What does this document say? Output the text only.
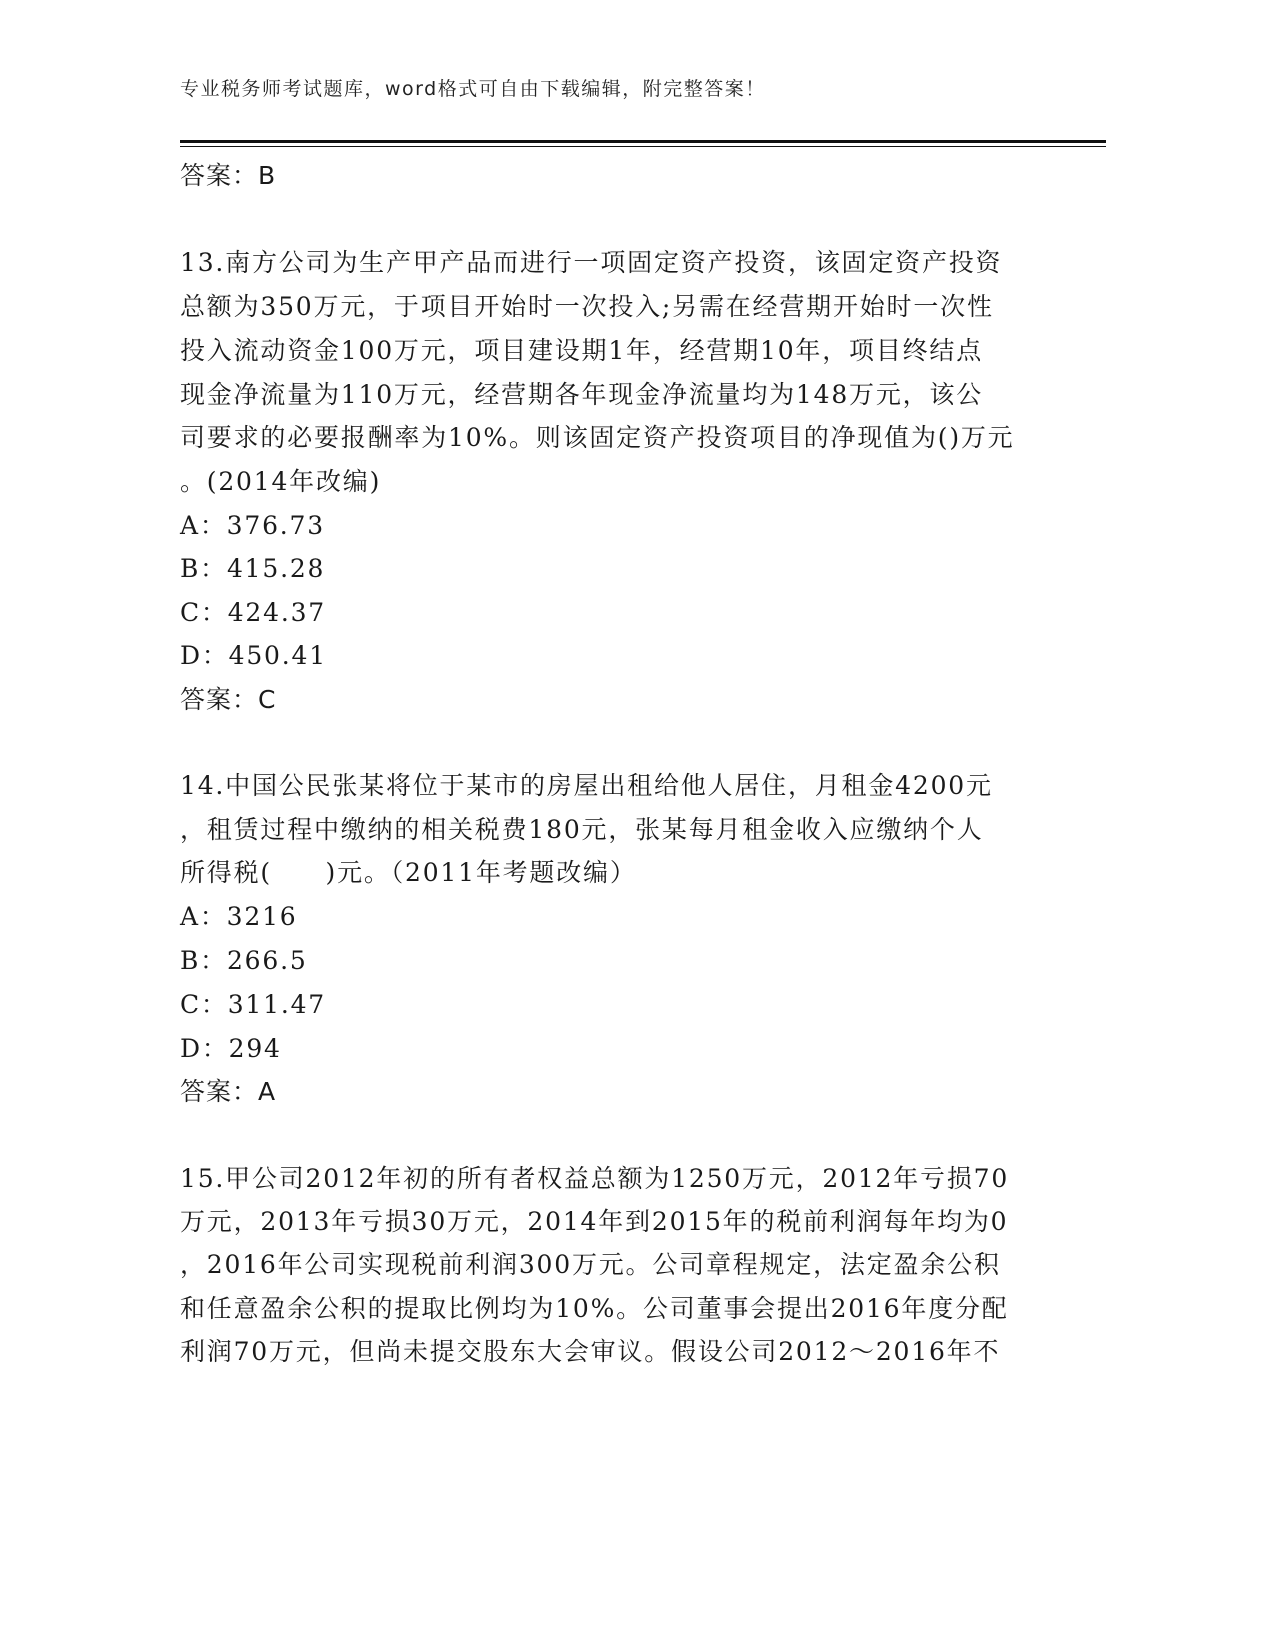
专业税务师考试题库，word格式可自由下载编辑，附完整答案！
答案：B
13.南方公司为生产甲产品而进行一项固定资产投资，该固定资产投资
总额为350万元，于项目开始时一次投入;另需在经营期开始时一次性
投入流动资金100万元，项目建设期1年，经营期10年，项目终结点
现金净流量为110万元，经营期各年现金净流量均为148万元，该公
司要求的必要报酬率为10%。则该固定资产投资项目的净现值为()万元
。(2014年改编)
A：376.73
B：415.28
C：424.37
D：450.41
答案：C
14.中国公民张某将位于某市的房屋出租给他人居住，月租金4200元
，租赁过程中缴纳的相关税费180元，张某每月租金收入应缴纳个人
所得税(　　)元。（2011年考题改编）
A：3216
B：266.5
C：311.47
D：294
答案：A
15.甲公司2012年初的所有者权益总额为1250万元，2012年亏损70
万元，2013年亏损30万元，2014年到2015年的税前利润每年均为0
，2016年公司实现税前利润300万元。公司章程规定，法定盈余公积
和任意盈余公积的提取比例均为10%。公司董事会提出2016年度分配
利润70万元，但尚未提交股东大会审议。假设公司2012～2016年不
